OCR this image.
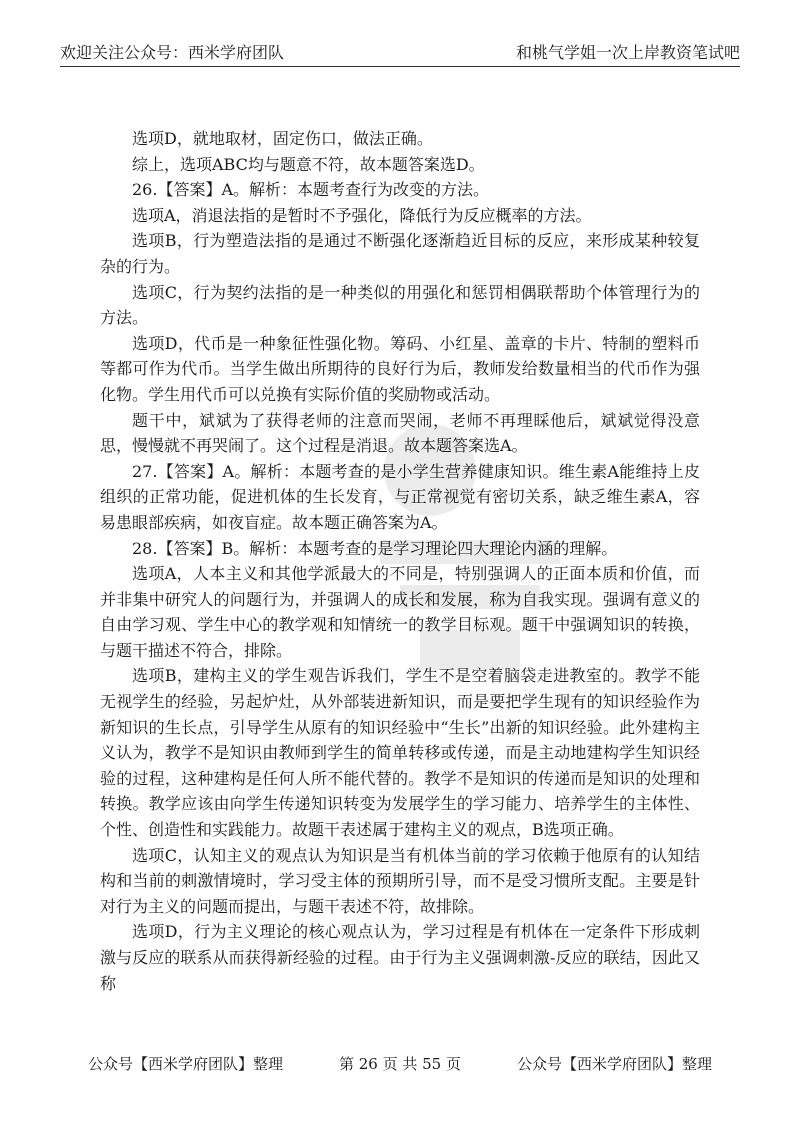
欢迎关注公众号：西米学府团队	和桃气学姐一次上岸教资笔试吧

选项D，就地取材，固定伤口，做法正确。

综上，选项ABC均与题意不符，故本题答案选D。

26.【答案】A。解析：本题考查行为改变的方法。

选项A，消退法指的是暂时不予强化，降低行为反应概率的方法。

选项B，行为塑造法指的是通过不断强化逐渐趋近目标的反应，来形成某种较复杂的行为。

选项C，行为契约法指的是一种类似的用强化和惩罚相偶联帮助个体管理行为的方法。

选项D，代币是一种象征性强化物。筹码、小红星、盖章的卡片、特制的塑料币等都可作为代币。当学生做出所期待的良好行为后，教师发给数量相当的代币作为强化物。学生用代币可以兑换有实际价值的奖励物或活动。

题干中，斌斌为了获得老师的注意而哭闹，老师不再理睬他后，斌斌觉得没意思，慢慢就不再哭闹了。这个过程是消退。故本题答案选A。

27.【答案】A。解析：本题考查的是小学生营养健康知识。维生素A能维持上皮组织的正常功能，促进机体的生长发育，与正常视觉有密切关系，缺乏维生素A，容易患眼部疾病，如夜盲症。故本题正确答案为A。

28.【答案】B。解析：本题考查的是学习理论四大理论内涵的理解。

选项A，人本主义和其他学派最大的不同是，特别强调人的正面本质和价值，而并非集中研究人的问题行为，并强调人的成长和发展，称为自我实现。强调有意义的自由学习观、学生中心的教学观和知情统一的教学目标观。题干中强调知识的转换，与题干描述不符合，排除。

选项B，建构主义的学生观告诉我们，学生不是空着脑袋走进教室的。教学不能无视学生的经验，另起炉灶，从外部装进新知识，而是要把学生现有的知识经验作为新知识的生长点，引导学生从原有的知识经验中“生长”出新的知识经验。此外建构主义认为，教学不是知识由教师到学生的简单转移或传递，而是主动地建构学生知识经验的过程，这种建构是任何人所不能代替的。教学不是知识的传递而是知识的处理和转换。教学应该由向学生传递知识转变为发展学生的学习能力、培养学生的主体性、个性、创造性和实践能力。故题干表述属于建构主义的观点，B选项正确。

选项C，认知主义的观点认为知识是当有机体当前的学习依赖于他原有的认知结构和当前的刺激情境时，学习受主体的预期所引导，而不是受习惯所支配。主要是针对行为主义的问题而提出，与题干表述不符，故排除。

选项D，行为主义理论的核心观点认为，学习过程是有机体在一定条件下形成刺激与反应的联系从而获得新经验的过程。由于行为主义强调刺激-反应的联结，因此又称

公众号【西米学府团队】整理	第 26 页 共 55 页	公众号【西米学府团队】整理
